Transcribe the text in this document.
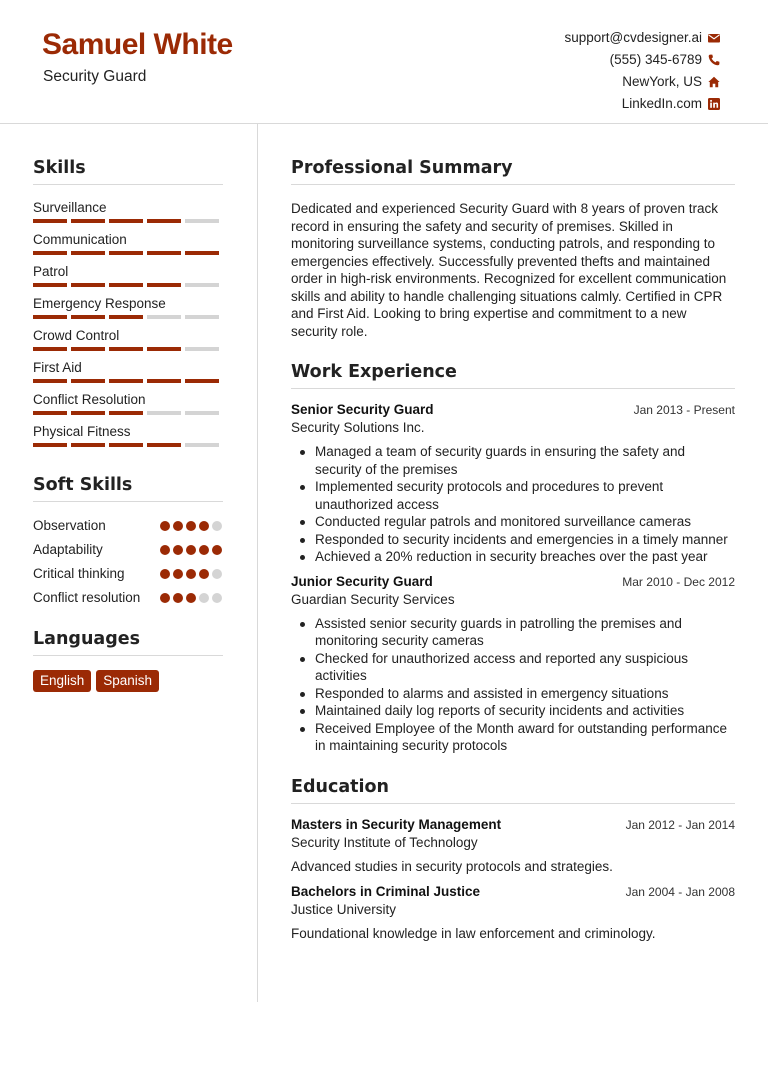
Samuel White
Security Guard
support@cvdesigner.ai
(555) 345-6789
NewYork, US
LinkedIn.com
Skills
Surveillance
Communication
Patrol
Emergency Response
Crowd Control
First Aid
Conflict Resolution
Physical Fitness
Soft Skills
Observation
Adaptability
Critical thinking
Conflict resolution
Languages
English	Spanish
Professional Summary

Dedicated and experienced Security Guard with 8 years of proven track record in ensuring the safety and security of premises. Skilled in monitoring surveillance systems, conducting patrols, and responding to emergencies effectively. Successfully prevented thefts and maintained order in high-risk environments. Recognized for excellent communication skills and ability to handle challenging situations calmly. Certified in CPR and First Aid. Looking to bring expertise and commitment to a new security role.

Work Experience
Senior Security Guard	Jan 2013 - Present
Security Solutions Inc.
Managed a team of security guards in ensuring the safety and security of the premises
Implemented security protocols and procedures to prevent unauthorized access
Conducted regular patrols and monitored surveillance cameras
Responded to security incidents and emergencies in a timely manner
Achieved a 20% reduction in security breaches over the past year
Junior Security Guard	Mar 2010 - Dec 2012
Guardian Security Services
Assisted senior security guards in patrolling the premises and monitoring security cameras
Checked for unauthorized access and reported any suspicious activities
Responded to alarms and assisted in emergency situations
Maintained daily log reports of security incidents and activities
Received Employee of the Month award for outstanding performance in maintaining security protocols
Education
Masters in Security Management	Jan 2012 - Jan 2014
Security Institute of Technology
Advanced studies in security protocols and strategies.
Bachelors in Criminal Justice	Jan 2004 - Jan 2008
Justice University
Foundational knowledge in law enforcement and criminology.
